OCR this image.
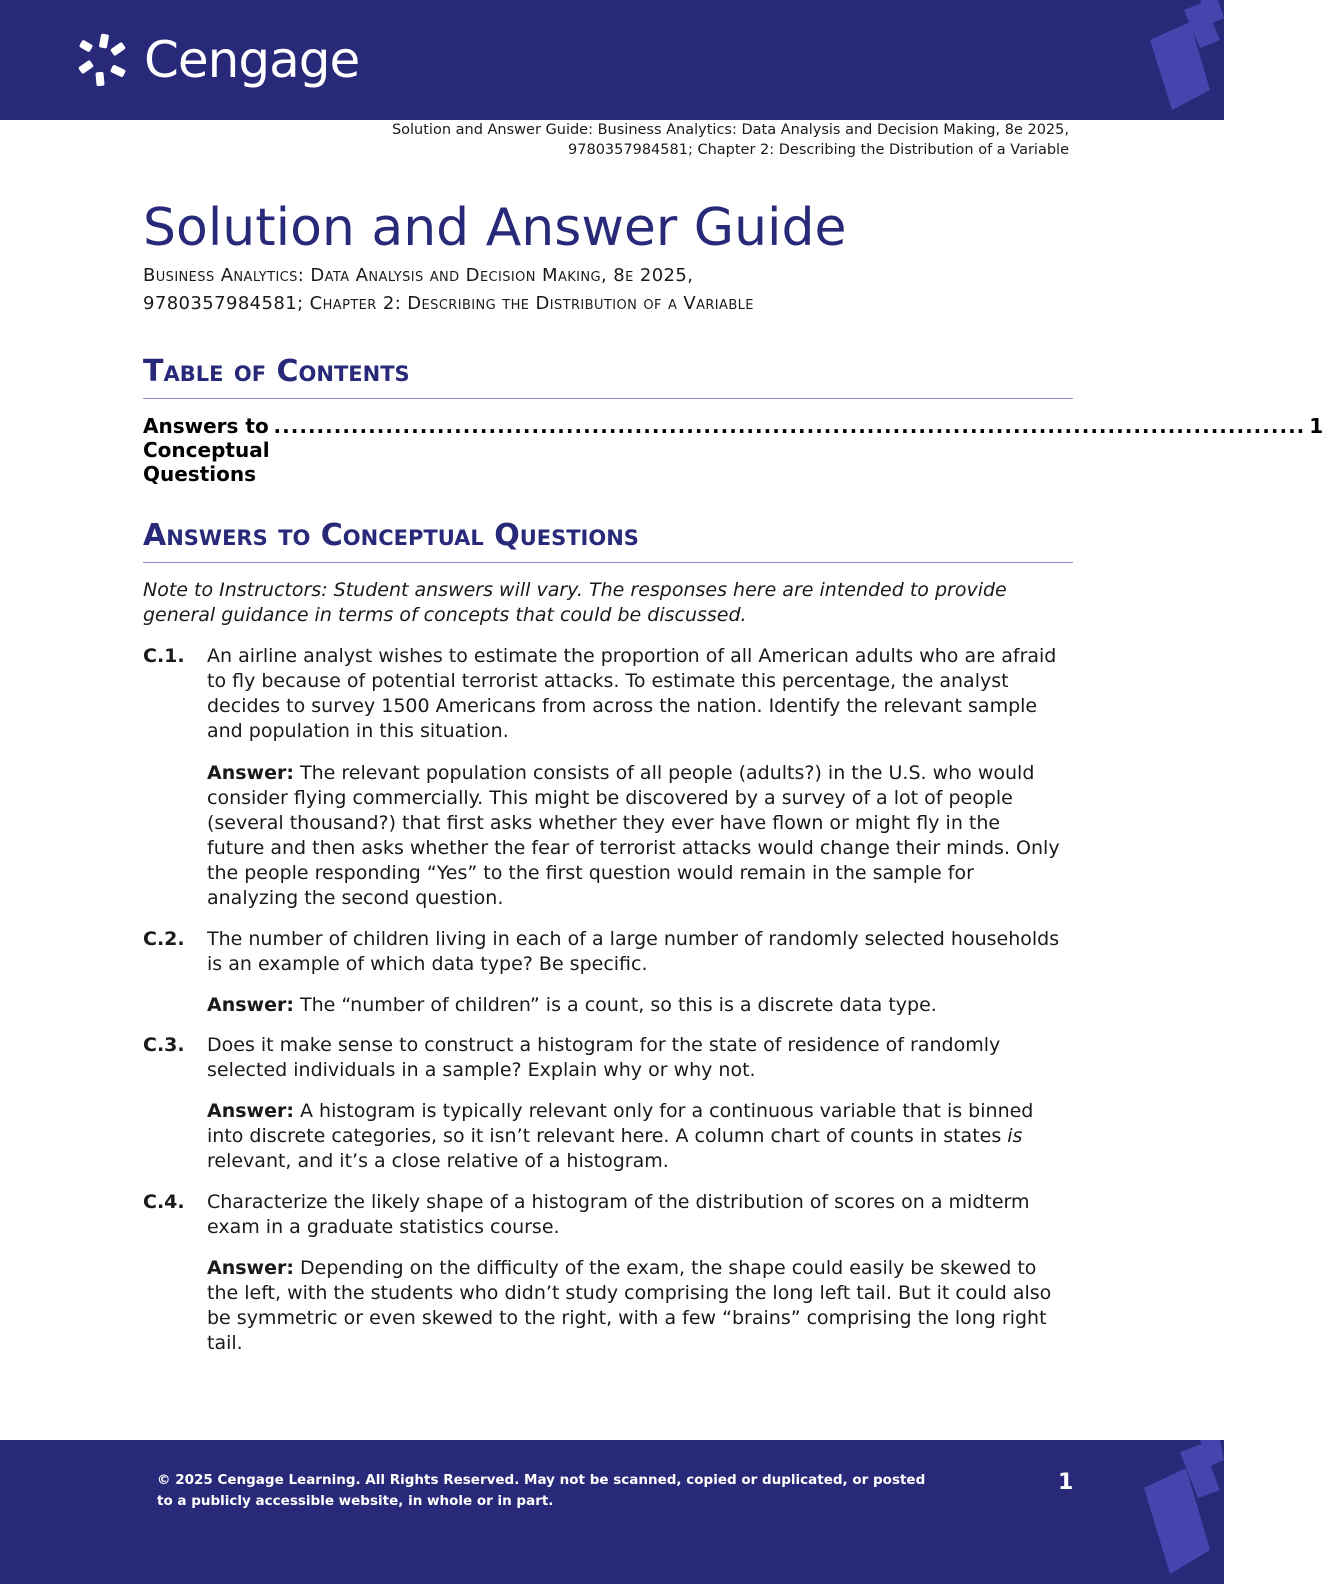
Cengage
Solution and Answer Guide: Business Analytics: Data Analysis and Decision Making, 8e 2025,
9780357984581; Chapter 2: Describing the Distribution of a Variable
Solution and Answer Guide
Business Analytics: Data Analysis and Decision Making, 8e 2025,
9780357984581; Chapter 2: Describing the Distribution of a Variable
Table of Contents
Answers to Conceptual Questions
........................................................................................................................ 1
Answers to Conceptual Questions
Note to Instructors: Student answers will vary. The responses here are intended to provide general guidance in terms of concepts that could be discussed.
C.1. An airline analyst wishes to estimate the proportion of all American adults who are afraid to fly because of potential terrorist attacks. To estimate this percentage, the analyst decides to survey 1500 Americans from across the nation. Identify the relevant sample and population in this situation.
Answer: The relevant population consists of all people (adults?) in the U.S. who would consider flying commercially. This might be discovered by a survey of a lot of people (several thousand?) that first asks whether they ever have flown or might fly in the future and then asks whether the fear of terrorist attacks would change their minds. Only the people responding “Yes” to the first question would remain in the sample for analyzing the second question.
C.2. The number of children living in each of a large number of randomly selected households is an example of which data type? Be specific.
Answer: The “number of children” is a count, so this is a discrete data type.
C.3. Does it make sense to construct a histogram for the state of residence of randomly selected individuals in a sample? Explain why or why not.
Answer: A histogram is typically relevant only for a continuous variable that is binned into discrete categories, so it isn’t relevant here. A column chart of counts in states is relevant, and it’s a close relative of a histogram.
C.4. Characterize the likely shape of a histogram of the distribution of scores on a midterm exam in a graduate statistics course.
Answer: Depending on the difficulty of the exam, the shape could easily be skewed to the left, with the students who didn’t study comprising the long left tail. But it could also be symmetric or even skewed to the right, with a few “brains” comprising the long right tail.
© 2025 Cengage Learning. All Rights Reserved. May not be scanned, copied or duplicated, or posted to a publicly accessible website, in whole or in part.
1
